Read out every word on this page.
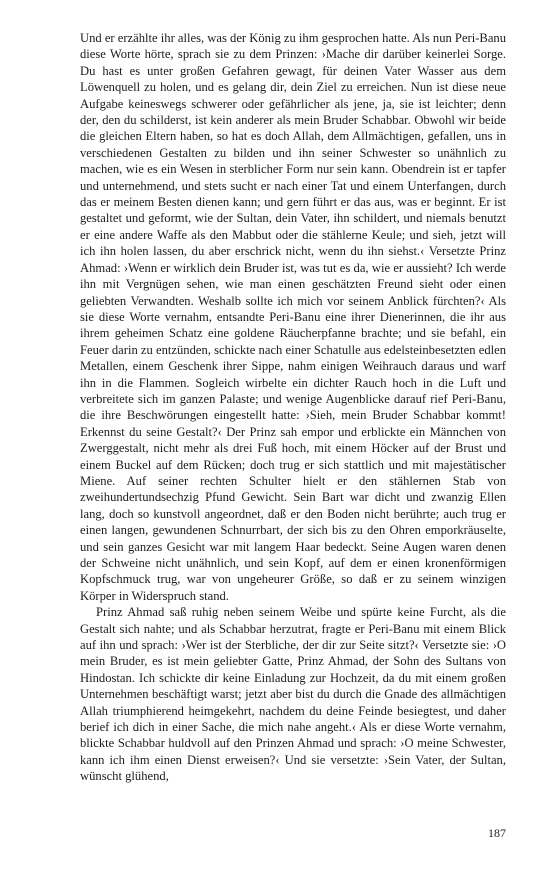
Und er erzählte ihr alles, was der König zu ihm gesprochen hatte. Als nun Peri-Banu diese Worte hörte, sprach sie zu dem Prinzen: ›Mache dir darüber keinerlei Sorge. Du hast es unter großen Gefahren gewagt, für deinen Vater Wasser aus dem Löwenquell zu holen, und es gelang dir, dein Ziel zu erreichen. Nun ist diese neue Aufgabe keineswegs schwerer oder gefährlicher als jene, ja, sie ist leichter; denn der, den du schilderst, ist kein anderer als mein Bruder Schabbar. Obwohl wir beide die gleichen Eltern haben, so hat es doch Allah, dem Allmächtigen, gefallen, uns in verschiedenen Gestalten zu bilden und ihn seiner Schwester so unähnlich zu machen, wie es ein Wesen in sterblicher Form nur sein kann. Obendrein ist er tapfer und unternehmend, und stets sucht er nach einer Tat und einem Unterfangen, durch das er meinem Besten dienen kann; und gern führt er das aus, was er beginnt. Er ist gestaltet und geformt, wie der Sultan, dein Vater, ihn schildert, und niemals benutzt er eine andere Waffe als den Mabbut oder die stählerne Keule; und sieh, jetzt will ich ihn holen lassen, du aber erschrick nicht, wenn du ihn siehst.‹ Versetzte Prinz Ahmad: ›Wenn er wirklich dein Bruder ist, was tut es da, wie er aussieht? Ich werde ihn mit Vergnügen sehen, wie man einen geschätzten Freund sieht oder einen geliebten Verwandten. Weshalb sollte ich mich vor seinem Anblick fürchten?‹ Als sie diese Worte vernahm, entsandte Peri-Banu eine ihrer Dienerinnen, die ihr aus ihrem geheimen Schatz eine goldene Räucherpfanne brachte; und sie befahl, ein Feuer darin zu entzünden, schickte nach einer Schatulle aus edelsteinbesetzten edlen Metallen, einem Geschenk ihrer Sippe, nahm einigen Weihrauch daraus und warf ihn in die Flammen. Sogleich wirbelte ein dichter Rauch hoch in die Luft und verbreitete sich im ganzen Palaste; und wenige Augenblicke darauf rief Peri-Banu, die ihre Beschwörungen eingestellt hatte: ›Sieh, mein Bruder Schabbar kommt! Erkennst du seine Gestalt?‹ Der Prinz sah empor und erblickte ein Männchen von Zwerggestalt, nicht mehr als drei Fuß hoch, mit einem Höcker auf der Brust und einem Buckel auf dem Rücken; doch trug er sich stattlich und mit majestätischer Miene. Auf seiner rechten Schulter hielt er den stählernen Stab von zweihundertundsechzig Pfund Gewicht. Sein Bart war dicht und zwanzig Ellen lang, doch so kunstvoll angeordnet, daß er den Boden nicht berührte; auch trug er einen langen, gewundenen Schnurrbart, der sich bis zu den Ohren emporkräuselte, und sein ganzes Gesicht war mit langem Haar bedeckt. Seine Augen waren denen der Schweine nicht unähnlich, und sein Kopf, auf dem er einen kronenförmigen Kopfschmuck trug, war von ungeheurer Größe, so daß er zu seinem winzigen Körper in Widerspruch stand.

Prinz Ahmad saß ruhig neben seinem Weibe und spürte keine Furcht, als die Gestalt sich nahte; und als Schabbar herzutrat, fragte er Peri-Banu mit einem Blick auf ihn und sprach: ›Wer ist der Sterbliche, der dir zur Seite sitzt?‹ Versetzte sie: ›O mein Bruder, es ist mein geliebter Gatte, Prinz Ahmad, der Sohn des Sultans von Hindostan. Ich schickte dir keine Einladung zur Hochzeit, da du mit einem großen Unternehmen beschäftigt warst; jetzt aber bist du durch die Gnade des allmächtigen Allah triumphierend heimgekehrt, nachdem du deine Feinde besiegtest, und daher berief ich dich in einer Sache, die mich nahe angeht.‹ Als er diese Worte vernahm, blickte Schabbar huldvoll auf den Prinzen Ahmad und sprach: ›O meine Schwester, kann ich ihm einen Dienst erweisen?‹ Und sie versetzte: ›Sein Vater, der Sultan, wünscht glühend,

187
